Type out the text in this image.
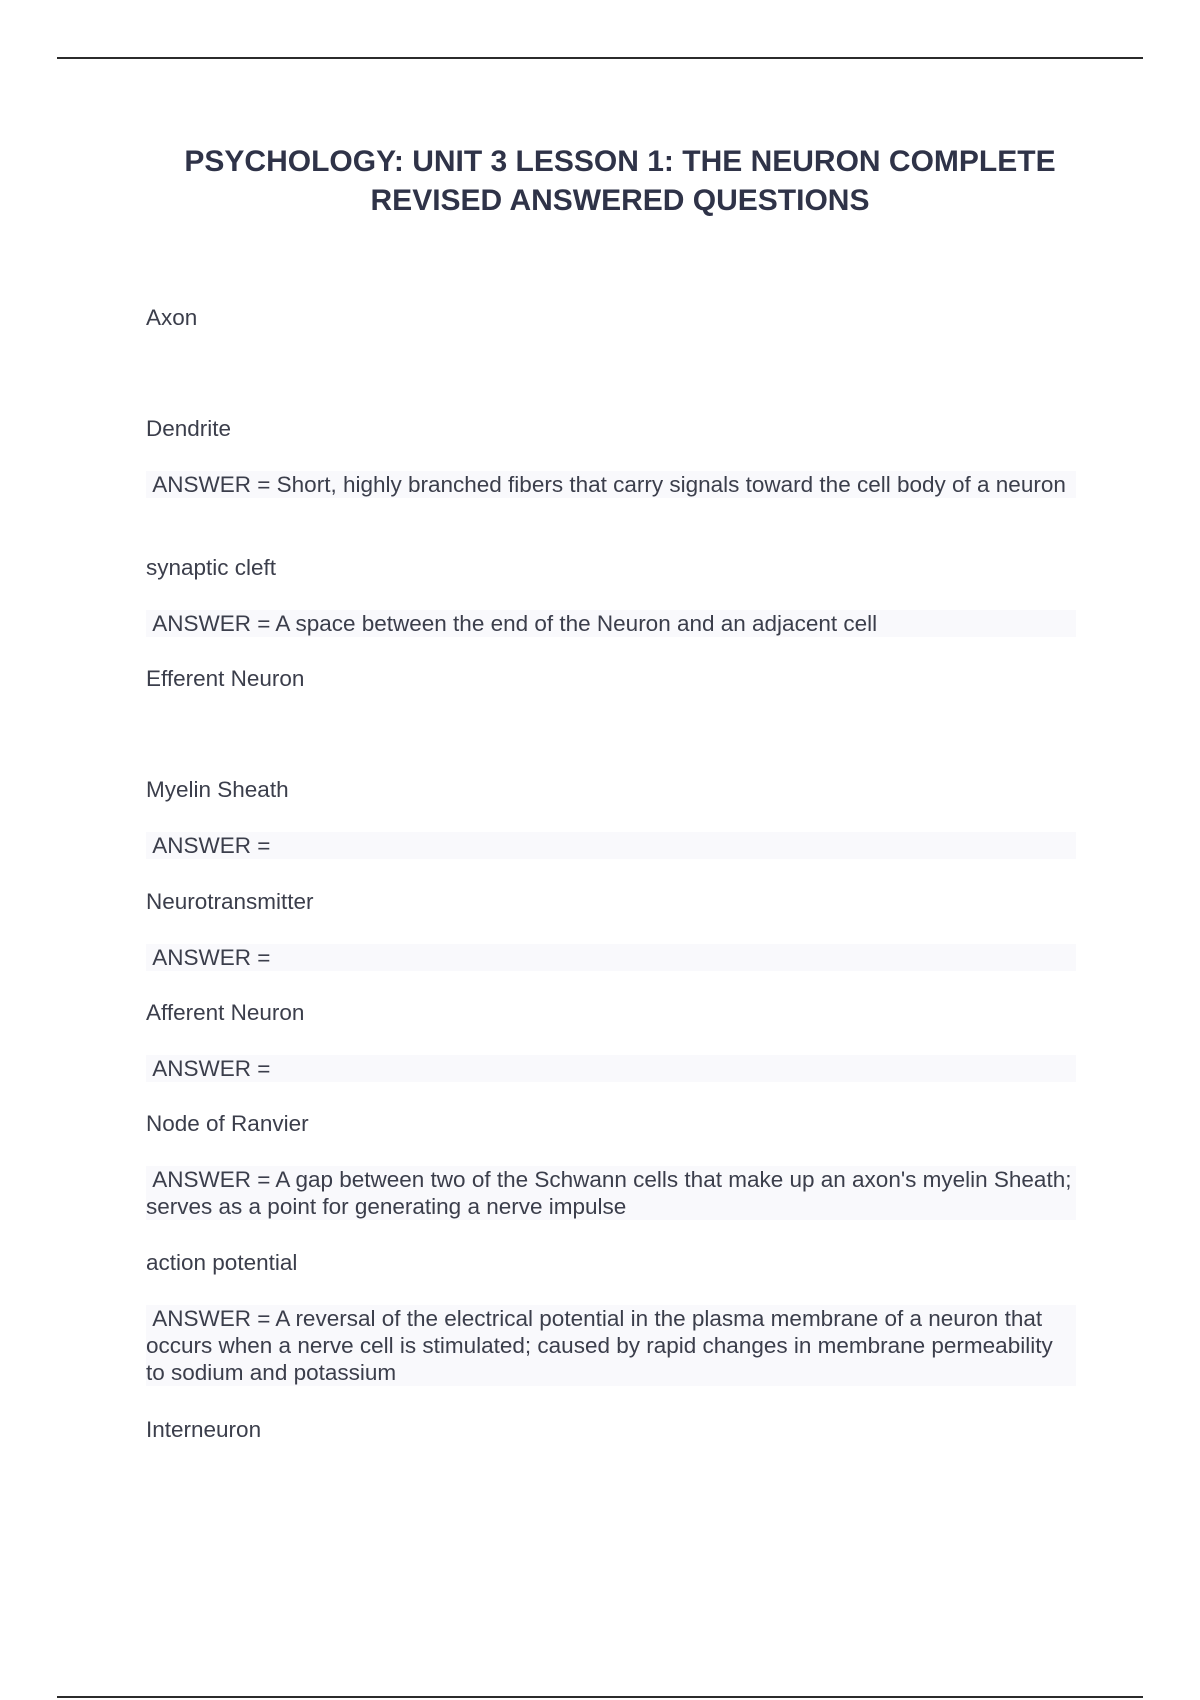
PSYCHOLOGY: UNIT 3 LESSON 1: THE NEURON COMPLETE REVISED ANSWERED QUESTIONS

Axon

Dendrite

ANSWER = Short, highly branched fibers that carry signals toward the cell body of a neuron

synaptic cleft

ANSWER = A space between the end of the Neuron and an adjacent cell

Efferent Neuron

Myelin Sheath

ANSWER =

Neurotransmitter

ANSWER =

Afferent Neuron

ANSWER =

Node of Ranvier

ANSWER = A gap between two of the Schwann cells that make up an axon's myelin Sheath; serves as a point for generating a nerve impulse

action potential

ANSWER = A reversal of the electrical potential in the plasma membrane of a neuron that occurs when a nerve cell is stimulated; caused by rapid changes in membrane permeability to sodium and potassium

Interneuron
